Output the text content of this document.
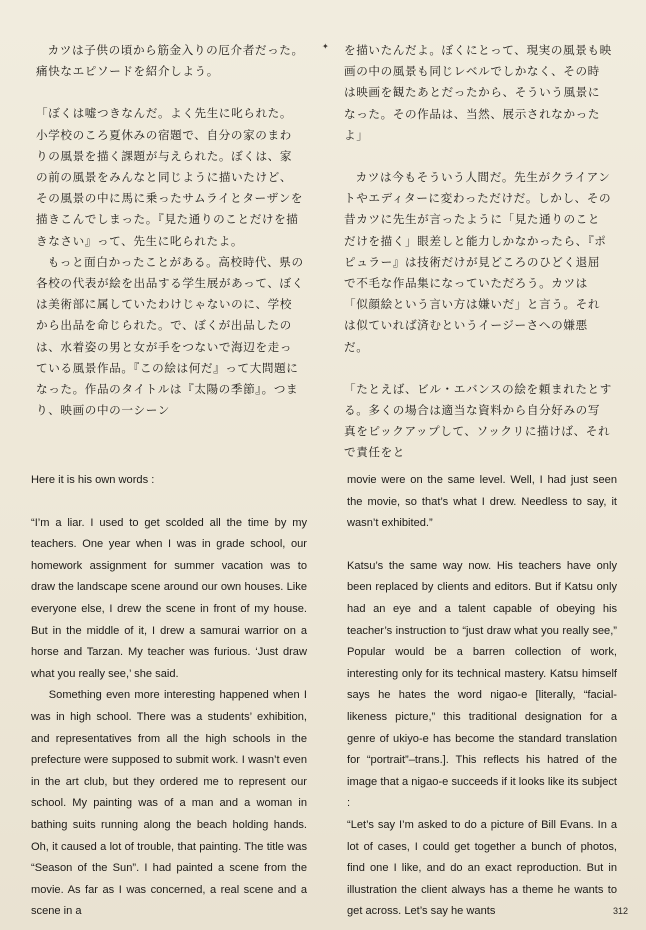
✦

カツは子供の頃から筋金入りの厄介者だった。痛快なエピソードを紹介しよう。

「ぼくは嘘つきなんだ。よく先生に叱られた。小学校のころ夏休みの宿題で、自分の家のまわりの風景を描く課題が与えられた。ぼくは、家の前の風景をみんなと同じように描いたけど、その風景の中に馬に乗ったサムライとターザンを描きこんでしまった。『見た通りのことだけを描きなさい』って、先生に叱られたよ。

もっと面白かったことがある。高校時代、県の各校の代表が絵を出品する学生展があって、ぼくは美術部に属していたわけじゃないのに、学校から出品を命じられた。で、ぼくが出品したのは、水着姿の男と女が手をつないで海辺を走っている風景作品。『この絵は何だ』って大問題になった。作品のタイトルは『太陽の季節』。つまり、映画の中の一シーン

を描いたんだよ。ぼくにとって、現実の風景も映画の中の風景も同じレベルでしかなく、その時は映画を観たあとだったから、そういう風景になった。その作品は、当然、展示されなかったよ」

カツは今もそういう人間だ。先生がクライアントやエディターに変わっただけだ。しかし、その昔カツに先生が言ったように「見た通りのことだけを描く」眼差しと能力しかなかったら、『ポピュラー』は技術だけが見どころのひどく退屈で不毛な作品集になっていただろう。カツは「似顔絵という言い方は嫌いだ」と言う。それは似ていれば済むというイージーさへの嫌悪だ。

「たとえば、ビル・エバンスの絵を頼まれたとする。多くの場合は適当な資料から自分好みの写真をピックアップして、ソックリに描けば、それで責任をと

Here it is his own words :

“I’m a liar. I used to get scolded all the time by my teachers. One year when I was in grade school, our homework assignment for summer vacation was to draw the landscape scene around our own houses. Like everyone else, I drew the scene in front of my house. But in the middle of it, I drew a samurai warrior on a horse and Tarzan. My teacher was furious. ‘Just draw what you really see,’ she said.

Something even more interesting happened when I was in high school. There was a students’ exhibition, and representatives from all the high schools in the prefecture were supposed to submit work. I wasn’t even in the art club, but they ordered me to represent our school. My painting was of a man and a woman in bathing suits running along the beach holding hands. Oh, it caused a lot of trouble, that painting. The title was “Season of the Sun”. I had painted a scene from the movie. As far as I was concerned, a real scene and a scene in a

movie were on the same level. Well, I had just seen the movie, so that’s what I drew. Needless to say, it wasn’t exhibited.”

Katsu’s the same way now. His teachers have only been replaced by clients and editors. But if Katsu only had an eye and a talent capable of obeying his teacher’s instruction to “just draw what you really see,” Popular would be a barren collection of work, interesting only for its technical mastery. Katsu himself says he hates the word nigao-e [literally, “facial-likeness picture,” this traditional designation for a genre of ukiyo-e has become the standard translation for “portrait”–trans.]. This reflects his hatred of the image that a nigao-e succeeds if it looks like its subject :

“Let’s say I’m asked to do a picture of Bill Evans. In a lot of cases, I could get together a bunch of photos, find one I like, and do an exact reproduction. But in illustration the client always has a theme he wants to get across. Let’s say he wants	312
